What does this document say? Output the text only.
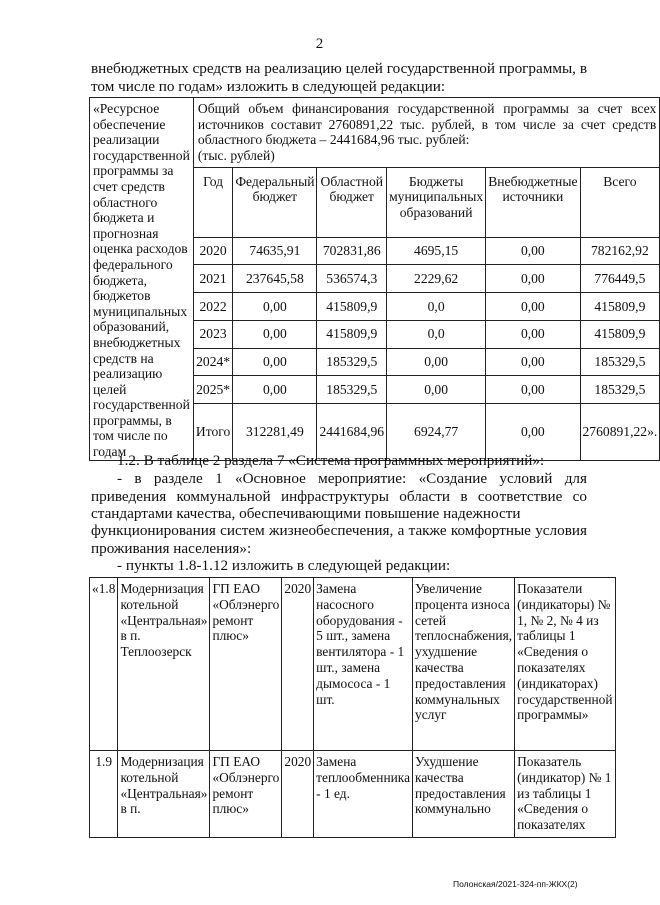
2
внебюджетных средств на реализацию целей государственной программы, в
том числе по годам» изложить в следующей редакции:
«Ресурсное обеспечение реализации государственной программы за счет средств областного бюджета и прогнозная оценка расходов федерального бюджета, бюджетов муниципальных образований, внебюджетных средств на реализацию целей государственной программы, в том числе по годам	Общий объем финансирования государственной программы за счет всех источников составит 2760891,22 тыс. рублей, в том числе за счет средств областного бюджета – 2441684,96 тыс. рублей:
(тыс. рублей)					
	Год	Федеральный бюджет	Областной бюджет	Бюджеты муниципальных образований	Внебюджетные источники	Всего
	2020	74635,91	702831,86	4695,15	0,00	782162,92
	2021	237645,58	536574,3	2229,62	0,00	776449,5
	2022	0,00	415809,9	0,0	0,00	415809,9
	2023	0,00	415809,9	0,0	0,00	415809,9
	2024*	0,00	185329,5	0,00	0,00	185329,5
	2025*	0,00	185329,5	0,00	0,00	185329,5
	Итого	312281,49	2441684,96	6924,77	0,00	2760891,22».
1.2. В таблице 2 раздела 7 «Система программных мероприятий»:
- в разделе 1 «Основное мероприятие: «Создание условий для приведения коммунальной инфраструктуры области в соответствие со стандартами качества, обеспечивающими повышение надежности
функционирования систем жизнеобеспечения, а также комфортные условия проживания населения»:
- пункты 1.8-1.12 изложить в следующей редакции:
«1.8	Модернизация котельной «Центральная» в п. Теплоозерск	ГП ЕАО «Облэнерго ремонт плюс»	2020	Замена насосного оборудования - 5 шт., замена вентилятора - 1 шт., замена дымососа - 1 шт.	Увеличение процента износа сетей теплоснабжения, ухудшение качества предоставления коммунальных услуг	Показатели (индикаторы) № 1, № 2, № 4 из таблицы 1 «Сведения о показателях (индикаторах) государственной программы»
1.9	Модернизация котельной «Центральная» в п.	ГП ЕАО «Облэнерго ремонт плюс»	2020	Замена теплообменника - 1 ед.	Ухудшение качества предоставления коммунально	Показатель (индикатор) № 1 из таблицы 1 «Сведения о показателях
Полонская/2021-324-пп-ЖКХ(2)
